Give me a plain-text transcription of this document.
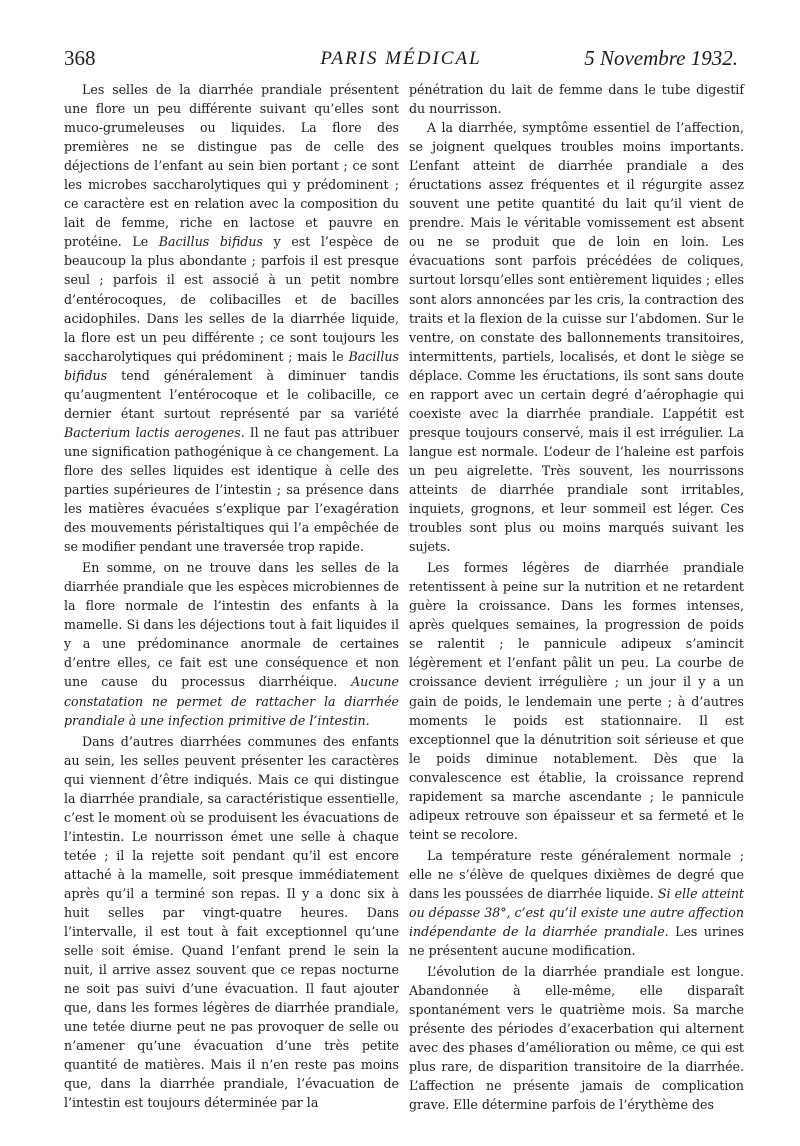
368	PARIS MÉDICAL	5 Novembre 1932.

Les selles de la diarrhée prandiale présentent une flore un peu différente suivant qu’elles sont muco-grumeleuses ou liquides. La flore des premières ne se distingue pas de celle des déjections de l’enfant au sein bien portant ; ce sont les microbes saccharolytiques qui y prédominent ; ce caractère est en relation avec la composition du lait de femme, riche en lactose et pauvre en protéine. Le Bacillus bifidus y est l’espèce de beaucoup la plus abondante ; parfois il est presque seul ; parfois il est associé à un petit nombre d’entérocoques, de colibacilles et de bacilles acidophiles. Dans les selles de la diarrhée liquide, la flore est un peu différente ; ce sont toujours les saccharolytiques qui prédominent ; mais le Bacillus bifidus tend généralement à diminuer tandis qu’augmentent l’entérocoque et le colibacille, ce dernier étant surtout représenté par sa variété Bacterium lactis aerogenes. Il ne faut pas attribuer une signification pathogénique à ce changement. La flore des selles liquides est identique à celle des parties supérieures de l’intestin ; sa présence dans les matières évacuées s’explique par l’exagération des mouvements péristaltiques qui l’a empêchée de se modifier pendant une traversée trop rapide.

En somme, on ne trouve dans les selles de la diarrhée prandiale que les espèces microbiennes de la flore normale de l’intestin des enfants à la mamelle. Si dans les déjections tout à fait liquides il y a une prédominance anormale de certaines d’entre elles, ce fait est une conséquence et non une cause du processus diarrhéique. Aucune constatation ne permet de rattacher la diarrhée prandiale à une infection primitive de l’intestin.

Dans d’autres diarrhées communes des enfants au sein, les selles peuvent présenter les caractères qui viennent d’être indiqués. Mais ce qui distingue la diarrhée prandiale, sa caractéristique essentielle, c’est le moment où se produisent les évacuations de l’intestin. Le nourrisson émet une selle à chaque tetée ; il la rejette soit pendant qu’il est encore attaché à la mamelle, soit presque immédiatement après qu’il a terminé son repas. Il y a donc six à huit selles par vingt-quatre heures. Dans l’intervalle, il est tout à fait exceptionnel qu’une selle soit émise. Quand l’enfant prend le sein la nuit, il arrive assez souvent que ce repas nocturne ne soit pas suivi d’une évacuation. Il faut ajouter que, dans les formes légères de diarrhée prandiale, une tetée diurne peut ne pas provoquer de selle ou n’amener qu’une évacuation d’une très petite quantité de matières. Mais il n’en reste pas moins que, dans la diarrhée prandiale, l’évacuation de l’intestin est toujours déterminée par la

pénétration du lait de femme dans le tube digestif du nourrisson.

A la diarrhée, symptôme essentiel de l’affection, se joignent quelques troubles moins importants. L’enfant atteint de diarrhée prandiale a des éructations assez fréquentes et il régurgite assez souvent une petite quantité du lait qu’il vient de prendre. Mais le véritable vomissement est absent ou ne se produit que de loin en loin. Les évacuations sont parfois précédées de coliques, surtout lorsqu’elles sont entièrement liquides ; elles sont alors annoncées par les cris, la contraction des traits et la flexion de la cuisse sur l’abdomen. Sur le ventre, on constate des ballonnements transitoires, intermittents, partiels, localisés, et dont le siège se déplace. Comme les éructations, ils sont sans doute en rapport avec un certain degré d’aérophagie qui coexiste avec la diarrhée prandiale. L’appétit est presque toujours conservé, mais il est irrégulier. La langue est normale. L’odeur de l’haleine est parfois un peu aigrelette. Très souvent, les nourrissons atteints de diarrhée prandiale sont irritables, inquiets, grognons, et leur sommeil est léger. Ces troubles sont plus ou moins marqués suivant les sujets.

Les formes légères de diarrhée prandiale retentissent à peine sur la nutrition et ne retardent guère la croissance. Dans les formes intenses, après quelques semaines, la progression de poids se ralentit ; le pannicule adipeux s’amincit légèrement et l’enfant pâlit un peu. La courbe de croissance devient irrégulière ; un jour il y a un gain de poids, le lendemain une perte ; à d’autres moments le poids est stationnaire. Il est exceptionnel que la dénutrition soit sérieuse et que le poids diminue notablement. Dès que la convalescence est établie, la croissance reprend rapidement sa marche ascendante ; le pannicule adipeux retrouve son épaisseur et sa fermeté et le teint se recolore.

La température reste généralement normale ; elle ne s’élève de quelques dixièmes de degré que dans les poussées de diarrhée liquide. Si elle atteint ou dépasse 38°, c’est qu’il existe une autre affection indépendante de la diarrhée prandiale. Les urines ne présentent aucune modification.

L’évolution de la diarrhée prandiale est longue. Abandonnée à elle-même, elle disparaît spontanément vers le quatrième mois. Sa marche présente des périodes d’exacerbation qui alternent avec des phases d’amélioration ou même, ce qui est plus rare, de disparition transitoire de la diarrhée. L’affection ne présente jamais de complication grave. Elle détermine parfois de l’érythème des
